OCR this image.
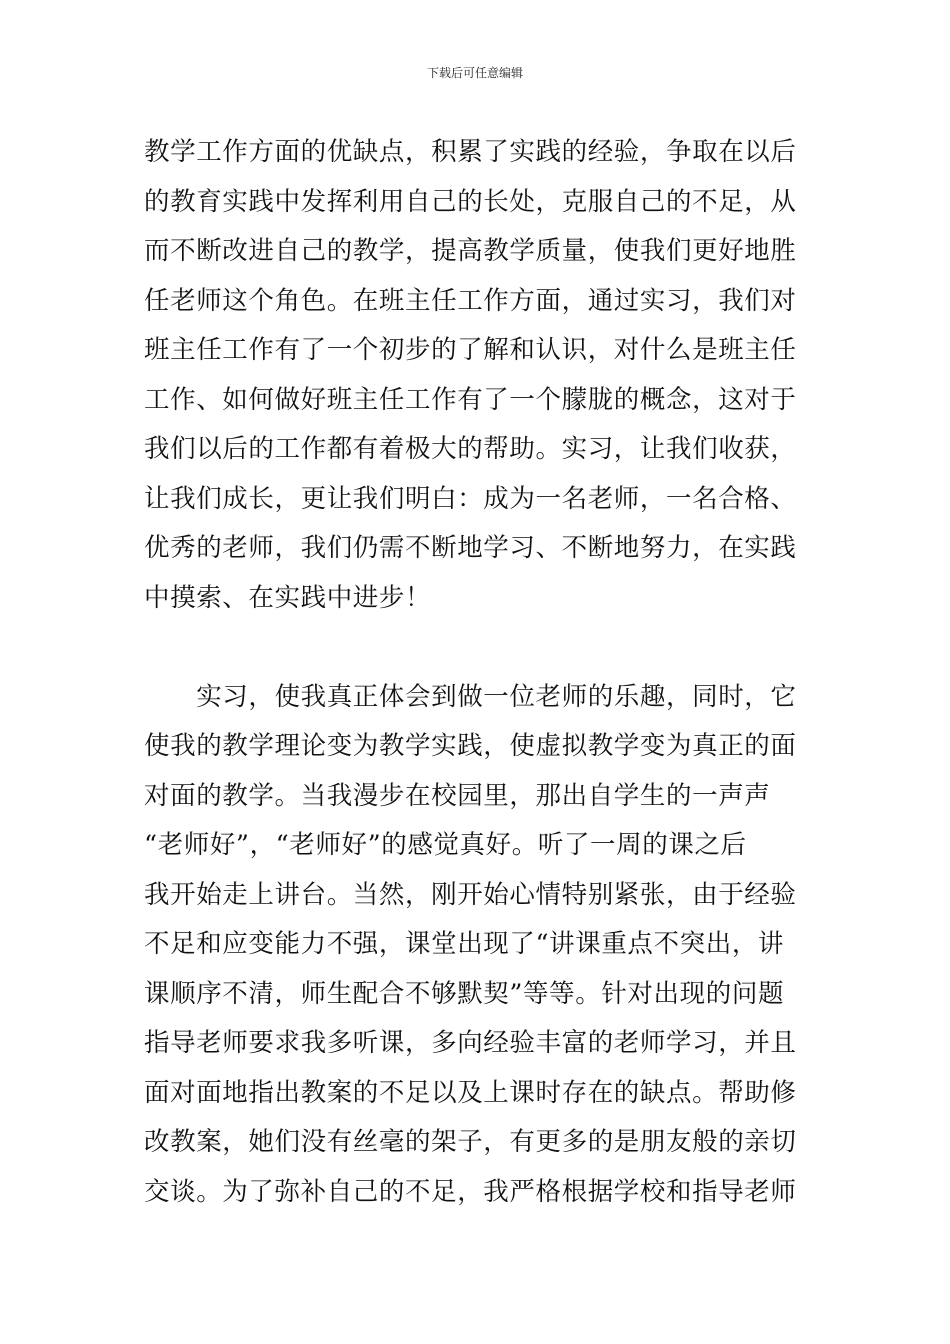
下载后可任意编辑
教学工作方面的优缺点，积累了实践的经验，争取在以后
的教育实践中发挥利用自己的长处，克服自己的不足，从
而不断改进自己的教学，提高教学质量，使我们更好地胜
任老师这个角色。在班主任工作方面，通过实习，我们对
班主任工作有了一个初步的了解和认识，对什么是班主任
工作、如何做好班主任工作有了一个朦胧的概念，这对于
我们以后的工作都有着极大的帮助。实习，让我们收获，
让我们成长，更让我们明白：成为一名老师，一名合格、
优秀的老师，我们仍需不断地学习、不断地努力，在实践
中摸索、在实践中进步！
　　实习，使我真正体会到做一位老师的乐趣，同时，它
使我的教学理论变为教学实践，使虚拟教学变为真正的面
对面的教学。当我漫步在校园里，那出自学生的一声声
“老师好”，“老师好”的感觉真好。听了一周的课之后
我开始走上讲台。当然，刚开始心情特别紧张，由于经验
不足和应变能力不强，课堂出现了“讲课重点不突出，讲
课顺序不清，师生配合不够默契”等等。针对出现的问题
指导老师要求我多听课，多向经验丰富的老师学习，并且
面对面地指出教案的不足以及上课时存在的缺点。帮助修
改教案，她们没有丝毫的架子，有更多的是朋友般的亲切
交谈。为了弥补自己的不足，我严格根据学校和指导老师
